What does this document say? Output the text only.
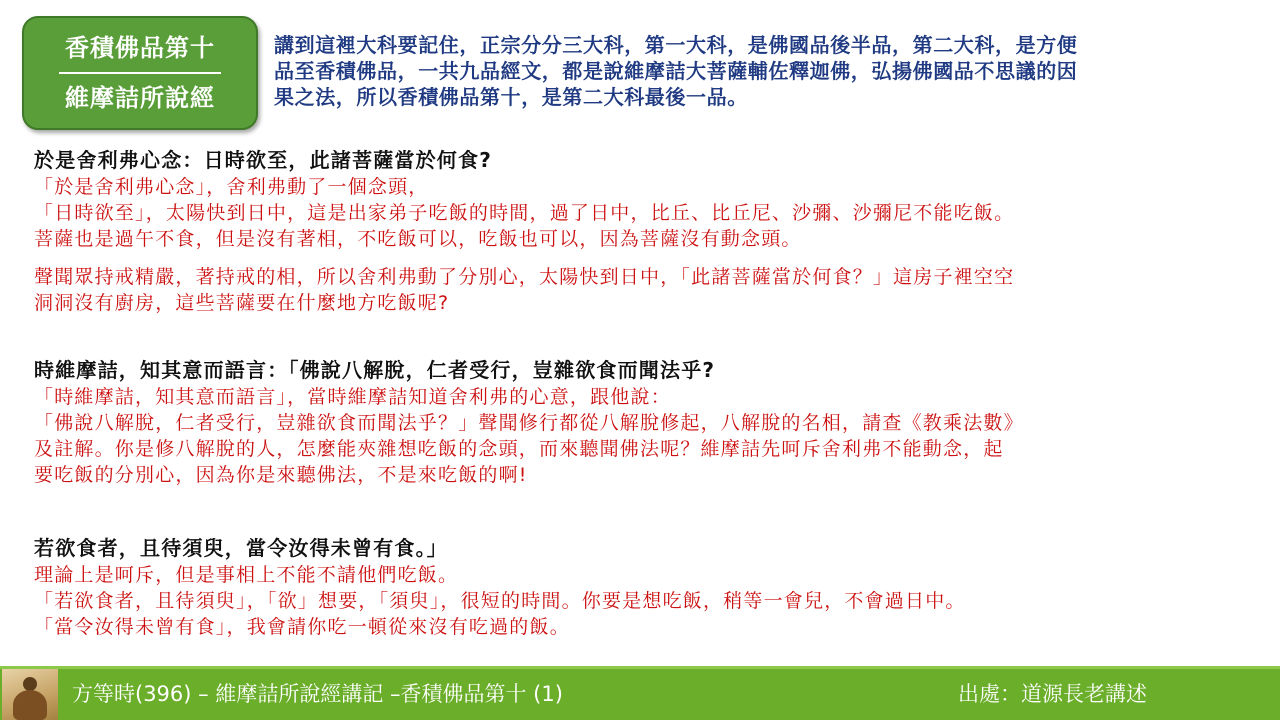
香積佛品第十
維摩詰所說經
講到這裡大科要記住，正宗分分三大科，第一大科，是佛國品後半品，第二大科，是方便
品至香積佛品，一共九品經文，都是說維摩詰大菩薩輔佐釋迦佛，弘揚佛國品不思議的因
果之法，所以香積佛品第十，是第二大科最後一品。
於是舍利弗心念：日時欲至，此諸菩薩當於何食?
「於是舍利弗心念」，舍利弗動了一個念頭，
「日時欲至」，太陽快到日中，這是出家弟子吃飯的時間，過了日中，比丘、比丘尼、沙彌、沙彌尼不能吃飯。
菩薩也是過午不食，但是沒有著相，不吃飯可以，吃飯也可以，因為菩薩沒有動念頭。
聲聞眾持戒精嚴，著持戒的相，所以舍利弗動了分別心，太陽快到日中，「此諸菩薩當於何食？」這房子裡空空
洞洞沒有廚房，這些菩薩要在什麼地方吃飯呢?
時維摩詰，知其意而語言：「佛說八解脫，仁者受行，豈雜欲食而聞法乎?
「時維摩詰，知其意而語言」，當時維摩詰知道舍利弗的心意，跟他說：
「佛說八解脫，仁者受行，豈雜欲食而聞法乎？」聲聞修行都從八解脫修起，八解脫的名相，請查《教乘法數》
及註解。你是修八解脫的人，怎麼能夾雜想吃飯的念頭，而來聽聞佛法呢？維摩詰先呵斥舍利弗不能動念，起
要吃飯的分別心，因為你是來聽佛法，不是來吃飯的啊!
若欲食者，且待須臾，當令汝得未曾有食。」
理論上是呵斥，但是事相上不能不請他們吃飯。
「若欲食者，且待須臾」，「欲」想要，「須臾」，很短的時間。你要是想吃飯，稍等一會兒，不會過日中。
「當令汝得未曾有食」，我會請你吃一頓從來沒有吃過的飯。
方等時(396) – 維摩詰所說經講記 –香積佛品第十 (1)	出處：道源長老講述
